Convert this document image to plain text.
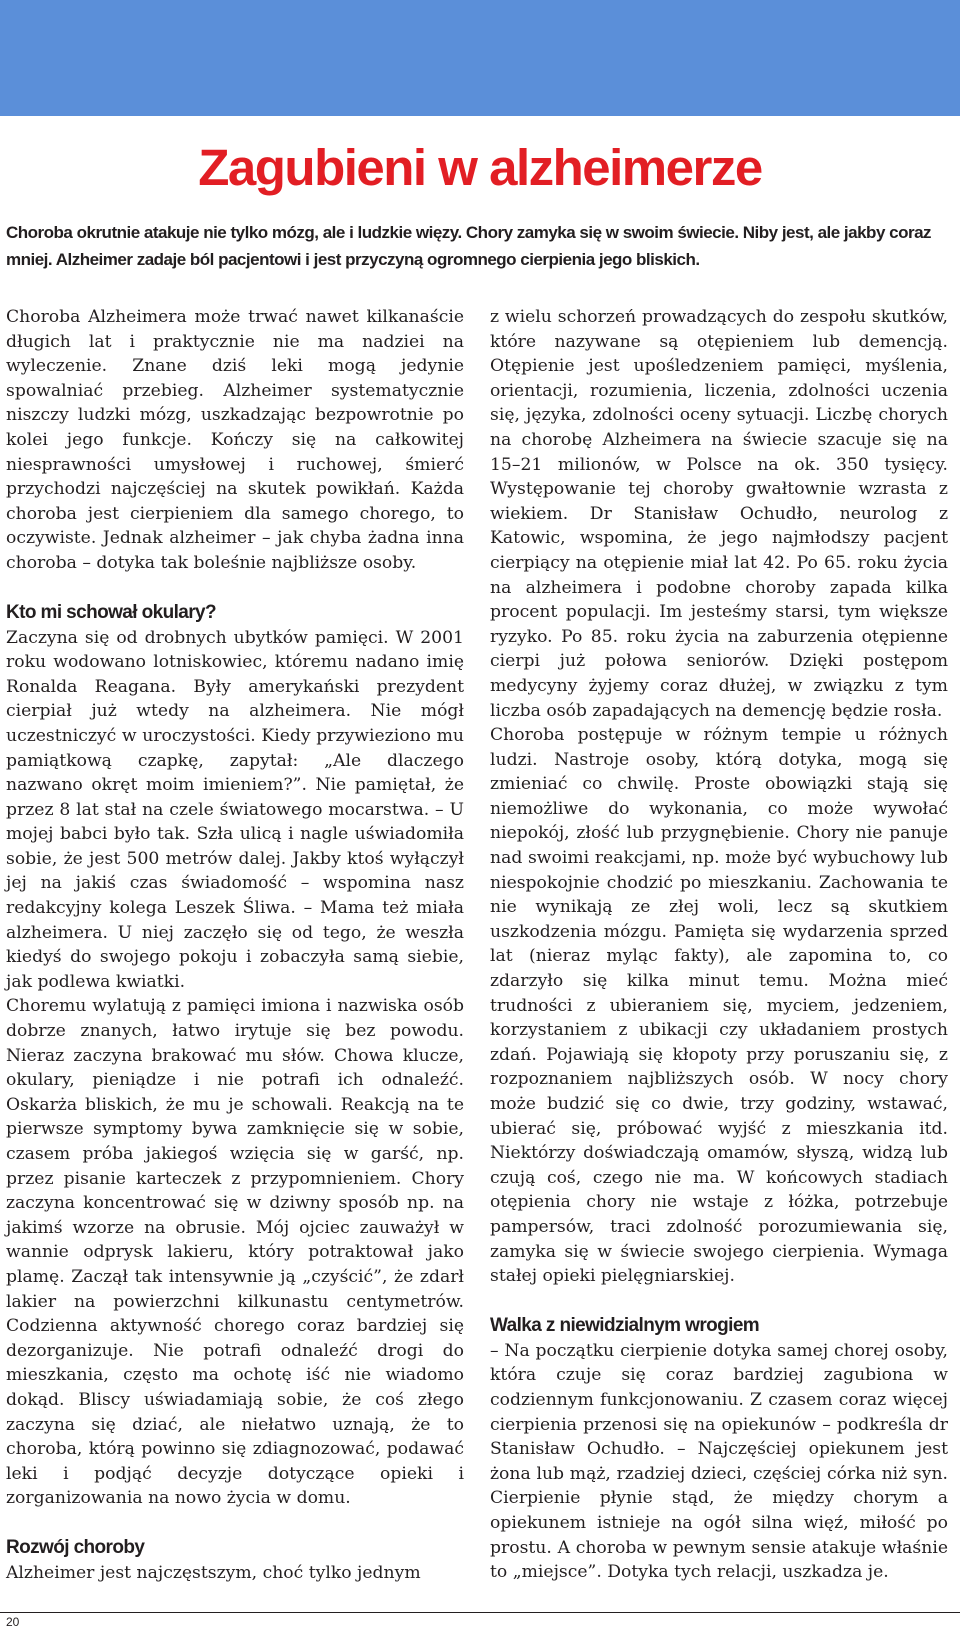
Zagubieni w alzheimerze

Choroba okrutnie atakuje nie tylko mózg, ale i ludzkie więzy. Chory zamyka się w swoim świecie. Niby jest, ale jakby coraz mniej. Alzheimer zadaje ból pacjentowi i jest przyczyną ogromnego cierpienia jego bliskich.

Choroba Alzheimera może trwać nawet kilkanaście długich lat i praktycznie nie ma nadziei na wyleczenie. Znane dziś leki mogą jedynie spowalniać przebieg. Alzheimer systematycznie niszczy ludzki mózg, uszkadzając bezpowrotnie po kolei jego funkcje. Kończy się na całkowitej niesprawności umysłowej i ruchowej, śmierć przychodzi najczęściej na skutek powikłań. Każda choroba jest cierpieniem dla samego chorego, to oczywiste. Jednak alzheimer – jak chyba żadna inna choroba – dotyka tak boleśnie najbliższe osoby.

Kto mi schował okulary?

Zaczyna się od drobnych ubytków pamięci. W 2001 roku wodowano lotniskowiec, któremu nadano imię Ronalda Reagana. Były amerykański prezydent cierpiał już wtedy na alzheimera. Nie mógł uczestniczyć w uroczystości. Kiedy przywieziono mu pamiątkową czapkę, zapytał: „Ale dlaczego nazwano okręt moim imieniem?”. Nie pamiętał, że przez 8 lat stał na czele światowego mocarstwa. – U mojej babci było tak. Szła ulicą i nagle uświadomiła sobie, że jest 500 metrów dalej. Jakby ktoś wyłączył jej na jakiś czas świadomość – wspomina nasz redakcyjny kolega Leszek Śliwa. – Mama też miała alzheimera. U niej zaczęło się od tego, że weszła kiedyś do swojego pokoju i zobaczyła samą siebie, jak podlewa kwiatki.

Choremu wylatują z pamięci imiona i nazwiska osób dobrze znanych, łatwo irytuje się bez powodu. Nieraz zaczyna brakować mu słów. Chowa klucze, okulary, pieniądze i nie potrafi ich odnaleźć. Oskarża bliskich, że mu je schowali. Reakcją na te pierwsze symptomy bywa zamknięcie się w sobie, czasem próba jakiegoś wzięcia się w garść, np. przez pisanie karteczek z przypomnieniem. Chory zaczyna koncentrować się w dziwny sposób np. na jakimś wzorze na obrusie. Mój ojciec zauważył w wannie odprysk lakieru, który potraktował jako plamę. Zaczął tak intensywnie ją „czyścić”, że zdarł lakier na powierzchni kilkunastu centymetrów. Codzienna aktywność chorego coraz bardziej się dezorganizuje. Nie potrafi odnaleźć drogi do mieszkania, często ma ochotę iść nie wiadomo dokąd. Bliscy uświadamiają sobie, że coś złego zaczyna się dziać, ale niełatwo uznają, że to choroba, którą powinno się zdiagnozować, podawać leki i podjąć decyzje dotyczące opieki i zorganizowania na nowo życia w domu.

Rozwój choroby

Alzheimer jest najczęstszym, choć tylko jednym

z wielu schorzeń prowadzących do zespołu skutków, które nazywane są otępieniem lub demencją. Otępienie jest upośledzeniem pamięci, myślenia, orientacji, rozumienia, liczenia, zdolności uczenia się, języka, zdolności oceny sytuacji. Liczbę chorych na chorobę Alzheimera na świecie szacuje się na 15–21 milionów, w Polsce na ok. 350 tysięcy. Występowanie tej choroby gwałtownie wzrasta z wiekiem. Dr Stanisław Ochudło, neurolog z Katowic, wspomina, że jego najmłodszy pacjent cierpiący na otępienie miał lat 42. Po 65. roku życia na alzheimera i podobne choroby zapada kilka procent populacji. Im jesteśmy starsi, tym większe ryzyko. Po 85. roku życia na zaburzenia otępienne cierpi już połowa seniorów. Dzięki postępom medycyny żyjemy coraz dłużej, w związku z tym liczba osób zapadających na demencję będzie rosła.

Choroba postępuje w różnym tempie u różnych ludzi. Nastroje osoby, którą dotyka, mogą się zmieniać co chwilę. Proste obowiązki stają się niemożliwe do wykonania, co może wywołać niepokój, złość lub przygnębienie. Chory nie panuje nad swoimi reakcjami, np. może być wybuchowy lub niespokojnie chodzić po mieszkaniu. Zachowania te nie wynikają ze złej woli, lecz są skutkiem uszkodzenia mózgu. Pamięta się wydarzenia sprzed lat (nieraz myląc fakty), ale zapomina to, co zdarzyło się kilka minut temu. Można mieć trudności z ubieraniem się, myciem, jedzeniem, korzystaniem z ubikacji czy układaniem prostych zdań. Pojawiają się kłopoty przy poruszaniu się, z rozpoznaniem najbliższych osób. W nocy chory może budzić się co dwie, trzy godziny, wstawać, ubierać się, próbować wyjść z mieszkania itd. Niektórzy doświadczają omamów, słyszą, widzą lub czują coś, czego nie ma. W końcowych stadiach otępienia chory nie wstaje z łóżka, potrzebuje pampersów, traci zdolność porozumiewania się, zamyka się w świecie swojego cierpienia. Wymaga stałej opieki pielęgniarskiej.

Walka z niewidzialnym wrogiem

– Na początku cierpienie dotyka samej chorej osoby, która czuje się coraz bardziej zagubiona w codziennym funkcjonowaniu. Z czasem coraz więcej cierpienia przenosi się na opiekunów – podkreśla dr Stanisław Ochudło. – Najczęściej opiekunem jest żona lub mąż, rzadziej dzieci, częściej córka niż syn. Cierpienie płynie stąd, że między chorym a opiekunem istnieje na ogół silna więź, miłość po prostu. A choroba w pewnym sensie atakuje właśnie to „miejsce”. Dotyka tych relacji, uszkadza je.

20
